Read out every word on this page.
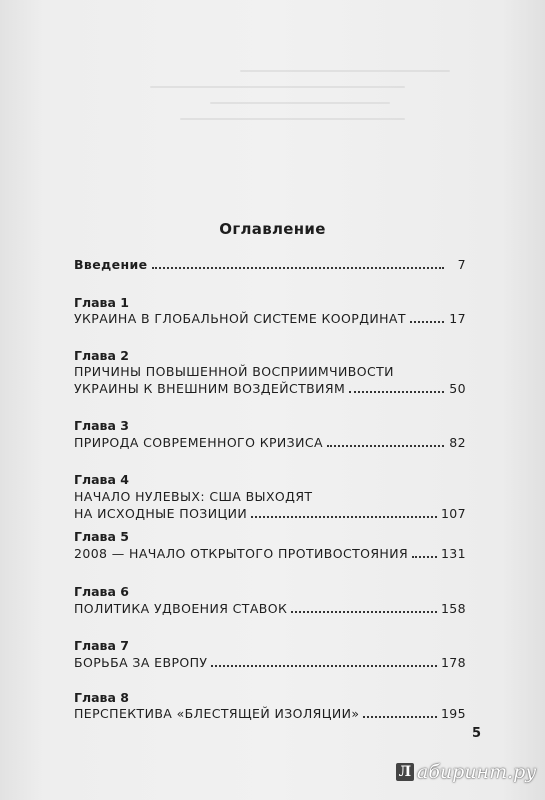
Оглавление
Введение	7
Глава 1
УКРАИНА В ГЛОБАЛЬНОЙ СИСТЕМЕ КООРДИНАТ	17
Глава 2
ПРИЧИНЫ ПОВЫШЕННОЙ ВОСПРИИМЧИВОСТИ
УКРАИНЫ К ВНЕШНИМ ВОЗДЕЙСТВИЯМ	50
Глава 3
ПРИРОДА СОВРЕМЕННОГО КРИЗИСА	82
Глава 4
НАЧАЛО НУЛЕВЫХ: США ВЫХОДЯТ
НА ИСХОДНЫЕ ПОЗИЦИИ	107
Глава 5
2008 — НАЧАЛО ОТКРЫТОГО ПРОТИВОСТОЯНИЯ	131
Глава 6
ПОЛИТИКА УДВОЕНИЯ СТАВОК	158
Глава 7
БОРЬБА ЗА ЕВРОПУ	178
Глава 8
ПЕРСПЕКТИВА «БЛЕСТЯЩЕЙ ИЗОЛЯЦИИ»	195
5
Л абиринт.ру
